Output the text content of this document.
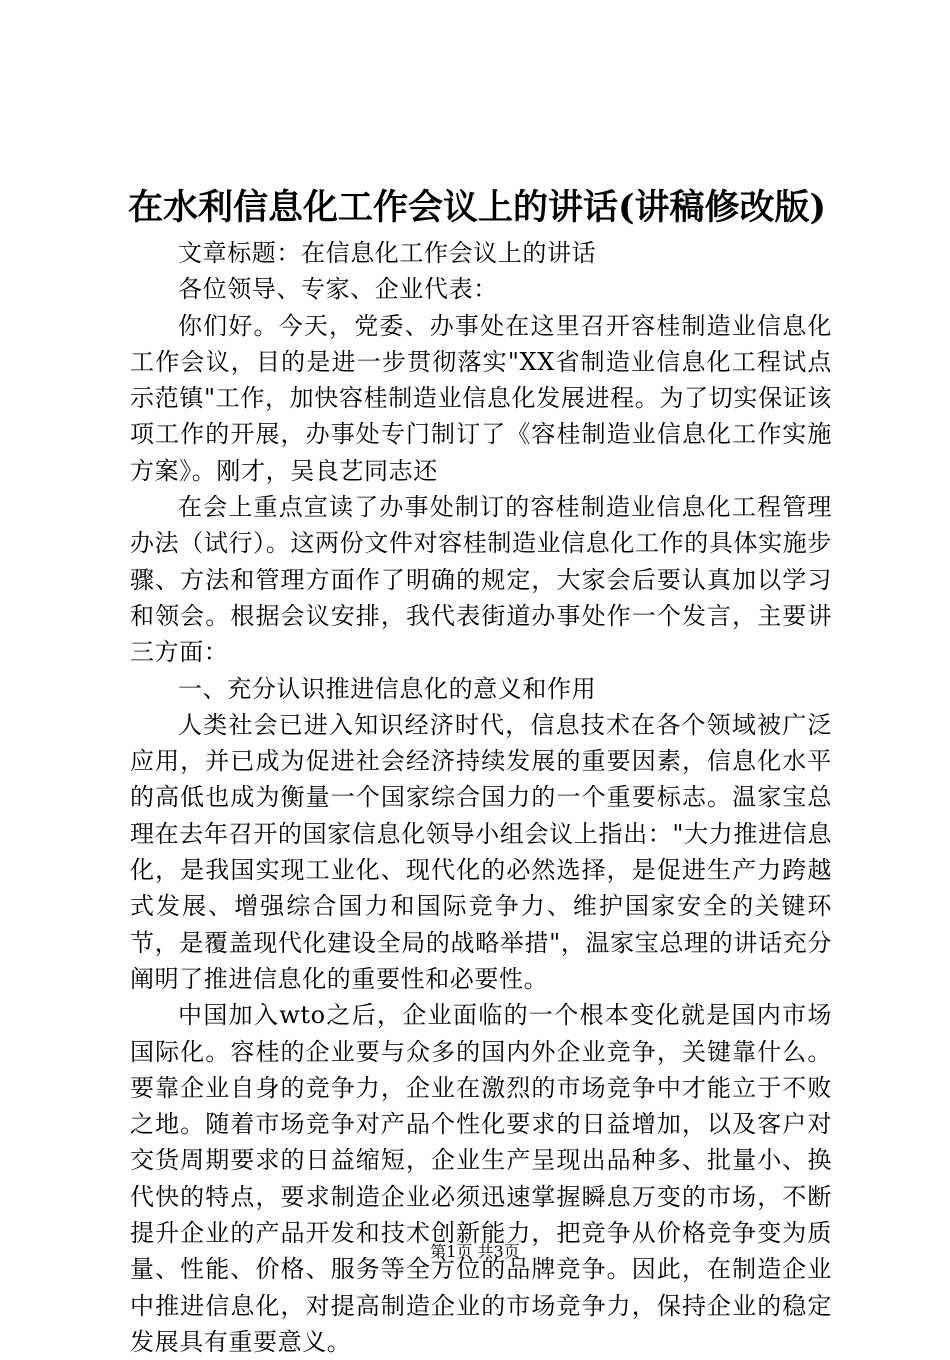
在水利信息化工作会议上的讲话(讲稿修改版)

文章标题：在信息化工作会议上的讲话

各位领导、专家、企业代表：

你们好。今天，党委、办事处在这里召开容桂制造业信息化工作会议，目的是进一步贯彻落实"XX省制造业信息化工程试点示范镇"工作，加快容桂制造业信息化发展进程。为了切实保证该项工作的开展，办事处专门制订了《容桂制造业信息化工作实施方案》。刚才，吴良艺同志还

在会上重点宣读了办事处制订的容桂制造业信息化工程管理办法（试行）。这两份文件对容桂制造业信息化工作的具体实施步骤、方法和管理方面作了明确的规定，大家会后要认真加以学习和领会。根据会议安排，我代表街道办事处作一个发言，主要讲三方面：

一、充分认识推进信息化的意义和作用

人类社会已进入知识经济时代，信息技术在各个领域被广泛应用，并已成为促进社会经济持续发展的重要因素，信息化水平的高低也成为衡量一个国家综合国力的一个重要标志。温家宝总理在去年召开的国家信息化领导小组会议上指出："大力推进信息化，是我国实现工业化、现代化的必然选择，是促进生产力跨越式发展、增强综合国力和国际竞争力、维护国家安全的关键环节，是覆盖现代化建设全局的战略举措"，温家宝总理的讲话充分阐明了推进信息化的重要性和必要性。

中国加入wto之后，企业面临的一个根本变化就是国内市场国际化。容桂的企业要与众多的国内外企业竞争，关键靠什么。要靠企业自身的竞争力，企业在激烈的市场竞争中才能立于不败之地。随着市场竞争对产品个性化要求的日益增加，以及客户对交货周期要求的日益缩短，企业生产呈现出品种多、批量小、换代快的特点，要求制造企业必须迅速掌握瞬息万变的市场，不断提升企业的产品开发和技术创新能力，把竞争从价格竞争变为质量、性能、价格、服务等全方位的品牌竞争。因此，在制造企业中推进信息化，对提高制造企业的市场竞争力，保持企业的稳定发展具有重要意义。

第1页 共3页
